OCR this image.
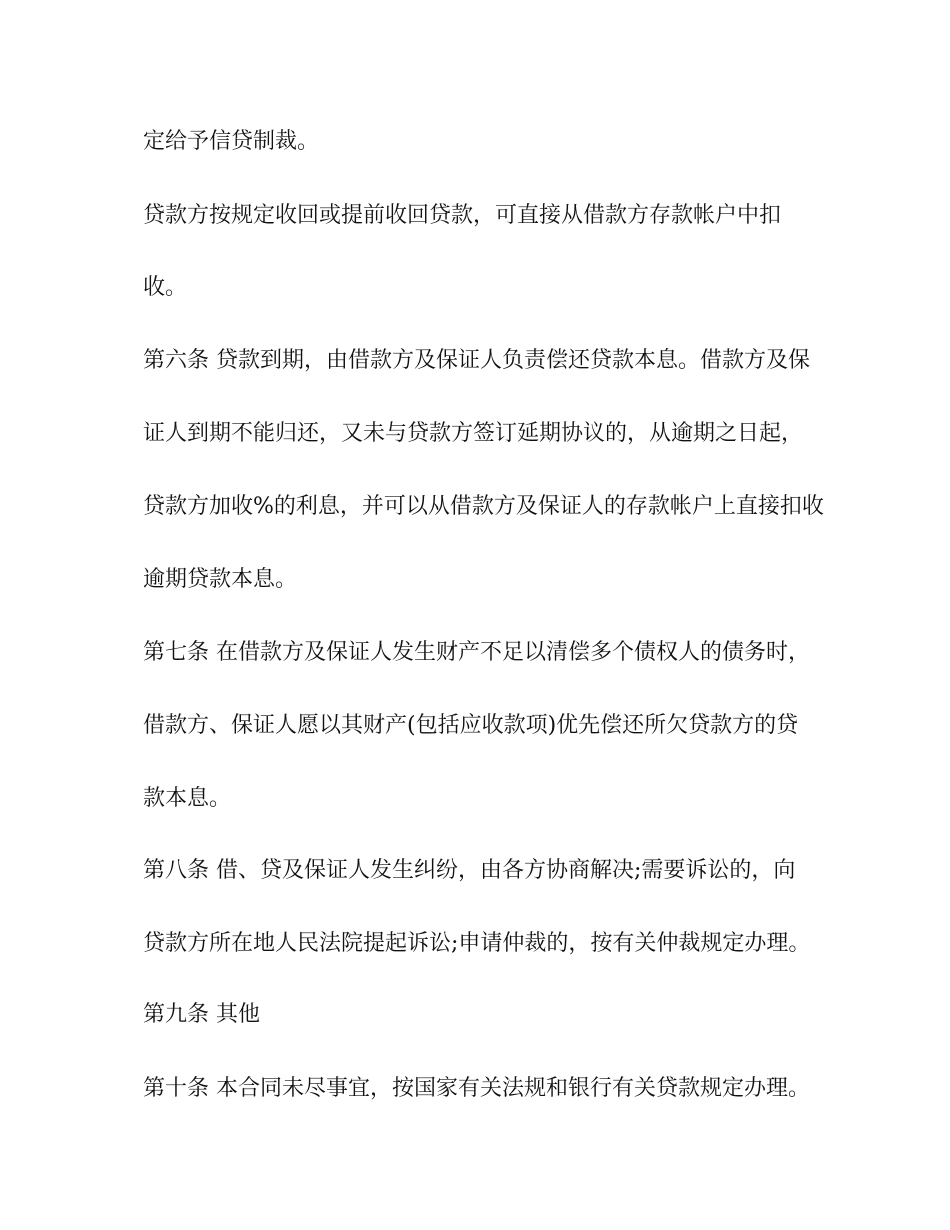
定给予信贷制裁。
贷款方按规定收回或提前收回贷款，可直接从借款方存款帐户中扣
收。
第六条 贷款到期，由借款方及保证人负责偿还贷款本息。借款方及保
证人到期不能归还，又未与贷款方签订延期协议的，从逾期之日起，
贷款方加收%的利息，并可以从借款方及保证人的存款帐户上直接扣收
逾期贷款本息。
第七条 在借款方及保证人发生财产不足以清偿多个债权人的债务时，
借款方、保证人愿以其财产(包括应收款项)优先偿还所欠贷款方的贷
款本息。
第八条 借、贷及保证人发生纠纷，由各方协商解决;需要诉讼的，向
贷款方所在地人民法院提起诉讼;申请仲裁的，按有关仲裁规定办理。
第九条 其他
第十条 本合同未尽事宜，按国家有关法规和银行有关贷款规定办理。
